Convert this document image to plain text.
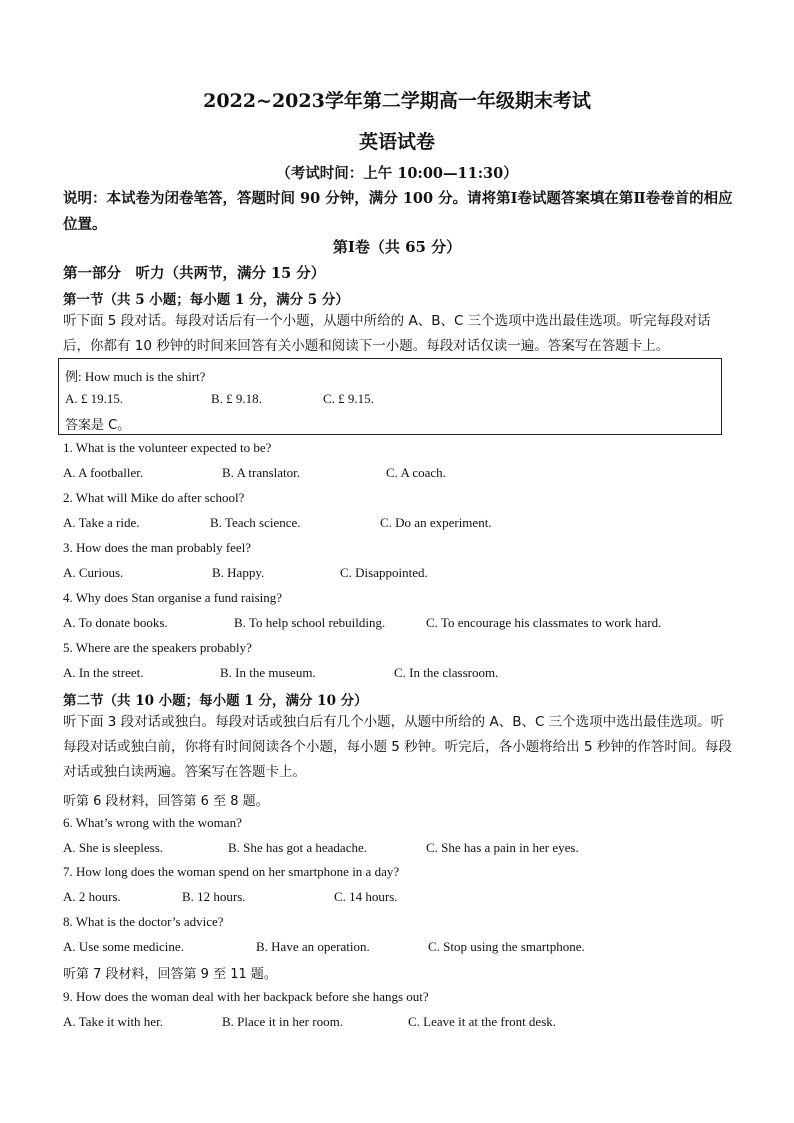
2022~2023学年第二学期高一年级期末考试
英语试卷
（考试时间：上午 10:00—11:30）
说明：本试卷为闭卷笔答，答题时间 90 分钟，满分 100 分。请将第Ⅰ卷试题答案填在第Ⅱ卷卷首的相应位置。
第Ⅰ卷（共 65 分）
第一部分　听力（共两节，满分 15 分）
第一节（共 5 小题；每小题 1 分，满分 5 分）
听下面 5 段对话。每段对话后有一个小题，从题中所给的 A、B、C 三个选项中选出最佳选项。听完每段对话后，你都有 10 秒钟的时间来回答有关小题和阅读下一小题。每段对话仅读一遍。答案写在答题卡上。
例: How much is the shirt?
A. £ 19.15.	B. £ 9.18.	C. £ 9.15.
答案是 C。
1. What is the volunteer expected to be?
A. A footballer.	B. A translator.	C. A coach.
2. What will Mike do after school?
A. Take a ride.	B. Teach science.	C. Do an experiment.
3. How does the man probably feel?
A. Curious.	B. Happy.	C. Disappointed.
4. Why does Stan organise a fund raising?
A. To donate books.	B. To help school rebuilding.	C. To encourage his classmates to work hard.
5. Where are the speakers probably?
A. In the street.	B. In the museum.	C. In the classroom.
第二节（共 10 小题；每小题 1 分，满分 10 分）
听下面 3 段对话或独白。每段对话或独白后有几个小题，从题中所给的 A、B、C 三个选项中选出最佳选项。听每段对话或独白前，你将有时间阅读各个小题，每小题 5 秒钟。听完后，各小题将给出 5 秒钟的作答时间。每段对话或独白读两遍。答案写在答题卡上。
听第 6 段材料，回答第 6 至 8 题。
6. What’s wrong with the woman?
A. She is sleepless.	B. She has got a headache.	C. She has a pain in her eyes.
7. How long does the woman spend on her smartphone in a day?
A. 2 hours.	B. 12 hours.	C. 14 hours.
8. What is the doctor’s advice?
A. Use some medicine.	B. Have an operation.	C. Stop using the smartphone.
听第 7 段材料，回答第 9 至 11 题。
9. How does the woman deal with her backpack before she hangs out?
A. Take it with her.	B. Place it in her room.	C. Leave it at the front desk.
